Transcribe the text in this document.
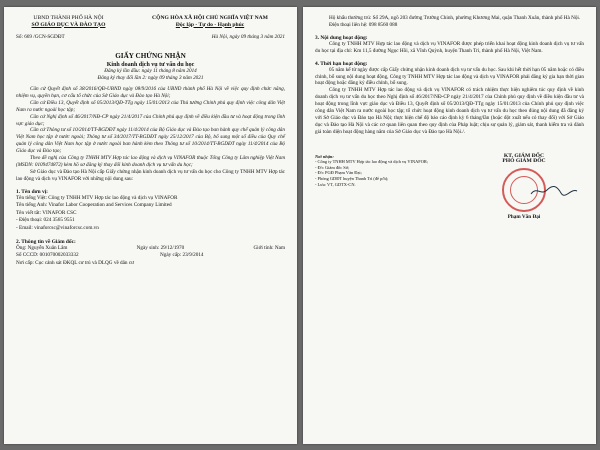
UBND THÀNH PHỐ HÀ NỘI
SỞ GIÁO DỤC VÀ ĐÀO TẠO
CỘNG HÒA XÃ HỘI CHỦ NGHĨA VIỆT NAM
Độc lập - Tự do - Hạnh phúc
Số: 669 /GCN-SGDĐT	Hà Nội, ngày 09 tháng 3 năm 2021
GIẤY CHỨNG NHẬN
Kinh doanh dịch vụ tư vấn du học
Đăng ký lần đầu: ngày 11 tháng 8 năm 2014
Đăng ký thay đổi lần 2: ngày 09 tháng 3 năm 2021

Căn cứ Quyết định số 38/2016/QĐ-UBND ngày 08/9/2016 của UBND thành phố Hà Nội về việc quy định chức năng, nhiệm vụ, quyền hạn, cơ cấu tổ chức của Sở Giáo dục và Đào tạo Hà Nội;

Căn cứ Điều 13, Quyết định số 05/2013/QĐ-TTg ngày 15/01/2013 của Thủ tướng Chính phủ quy định việc công dân Việt Nam ra nước ngoài học tập;

Căn cứ Nghị định số 46/2017/NĐ-CP ngày 21/4/2017 của Chính phủ quy định về điều kiện đầu tư và hoạt động trong lĩnh vực giáo dục;

Căn cứ Thông tư số 10/2014/TT-BGDĐT ngày 11/4/2014 của Bộ Giáo dục và Đào tạo ban hành quy chế quản lý công dân Việt Nam học tập ở nước ngoài; Thông tư số 34/2017/TT-BGDĐT ngày 25/12/2017 của Bộ, bổ sung một số điều của Quy chế quản lý công dân Việt Nam học tập ở nước ngoài ban hành kèm theo Thông tư số 10/2014/TT-BGDĐT ngày 11/4/2014 của Bộ Giáo dục và Đào tạo;

Theo đề nghị của Công ty TNHH MTV Hợp tác lao động và dịch vụ VINAFOR thuộc Tổng Công ty Lâm nghiệp Việt Nam (MSDN: 0109474872) kèm hồ sơ đăng ký thay đổi kinh doanh dịch vụ tư vấn du học;

Sở Giáo dục và Đào tạo Hà Nội cấp Giấy chứng nhận kinh doanh dịch vụ tư vấn du học cho Công ty TNHH MTV Hợp tác lao động và dịch vụ VINAFOR với những nội dung sau:

1. Tên đơn vị:
Tên tiếng Việt: Công ty TNHH MTV Hợp tác lao động và dịch vụ VINAFOR
Tên tiếng Anh: Vinafor Labor Cooperation and Services Company Limited
Tên viết tắt: VINAFOR CSC
- Điện thoại: 024 3565 9551
- Email: vinaforcsc@vinaforcsc.com.vn
2. Thông tin về Giám đốc:
Ông: Nguyễn Xuân Lâm	Ngày sinh: 29/12/1970	Giới tính: Nam
Số CCCD: 001070002033332	Ngày cấp: 23/9/2014
Nơi cấp: Cục cảnh sát ĐKQL cư trú và DLQG về dân cư

Hộ khẩu thường trú: Số 29A, ngõ 203 đường Trường Chinh, phường Khương Mai, quận Thanh Xuân, thành phố Hà Nội.

Điện thoại liên hệ: 098 8560 088

3. Nội dung hoạt động:

Công ty TNHH MTV Hợp tác lao động và dịch vụ VINAFOR được phép triển khai hoạt động kinh doanh dịch vụ tư vấn du học tại địa chỉ: Km 11,5 đường Ngọc Hồi, xã Vĩnh Quỳnh, huyện Thanh Trì, thành phố Hà Nội, Việt Nam.

4. Thời hạn hoạt động:

05 năm kể từ ngày được cấp Giấy chứng nhận kinh doanh dịch vụ tư vấn du học. Sau khi hết thời hạn 05 năm hoặc có điều chỉnh, bổ sung nội dung hoạt động, Công ty TNHH MTV Hợp tác lao động và dịch vụ VINAFOR phải đăng ký gia hạn thời gian hoạt động hoặc đăng ký điều chỉnh, bổ sung.

Công ty TNHH MTV Hợp tác lao động và dịch vụ VINAFOR có trách nhiệm thực hiện nghiêm túc quy định về kinh doanh dịch vụ tư vấn du học theo Nghị định số 46/2017/NĐ-CP ngày 21/4/2017 của Chính phủ quy định về điều kiện đầu tư và hoạt động trong lĩnh vực giáo dục và Điều 13, Quyết định số 05/2013/QĐ-TTg ngày 15/01/2013 của Chính phủ quy định việc công dân Việt Nam ra nước ngoài học tập; tổ chức hoạt động kinh doanh dịch vụ tư vấn du học theo đúng nội dung đã đăng ký với Sở Giáo dục và Đào tạo Hà Nội; thực hiện chế độ báo cáo định kỳ 6 tháng/lần (hoặc đột xuất nếu có thay đổi) với Sở Giáo dục và Đào tạo Hà Nội và các cơ quan liên quan theo quy định của Pháp luật; chịu sự quản lý, giám sát, thanh kiểm tra và đánh giá toàn diện hoạt động hàng năm của Sở Giáo dục và Đào tạo Hà Nội./.

Nơi nhận:
- Công ty TNHH MTV Hợp tác lao động và dịch vụ VINAFOR;
- Đ/c Giám đốc Sở;
- Đ/c PGĐ Phạm Văn Đại;
- Phòng GDĐT huyện Thanh Trì (để p/h);
- Lưu: VT, GDTX-CN.
KT. GIÁM ĐỐC
PHÓ GIÁM ĐỐC
Phạm Văn Đại
